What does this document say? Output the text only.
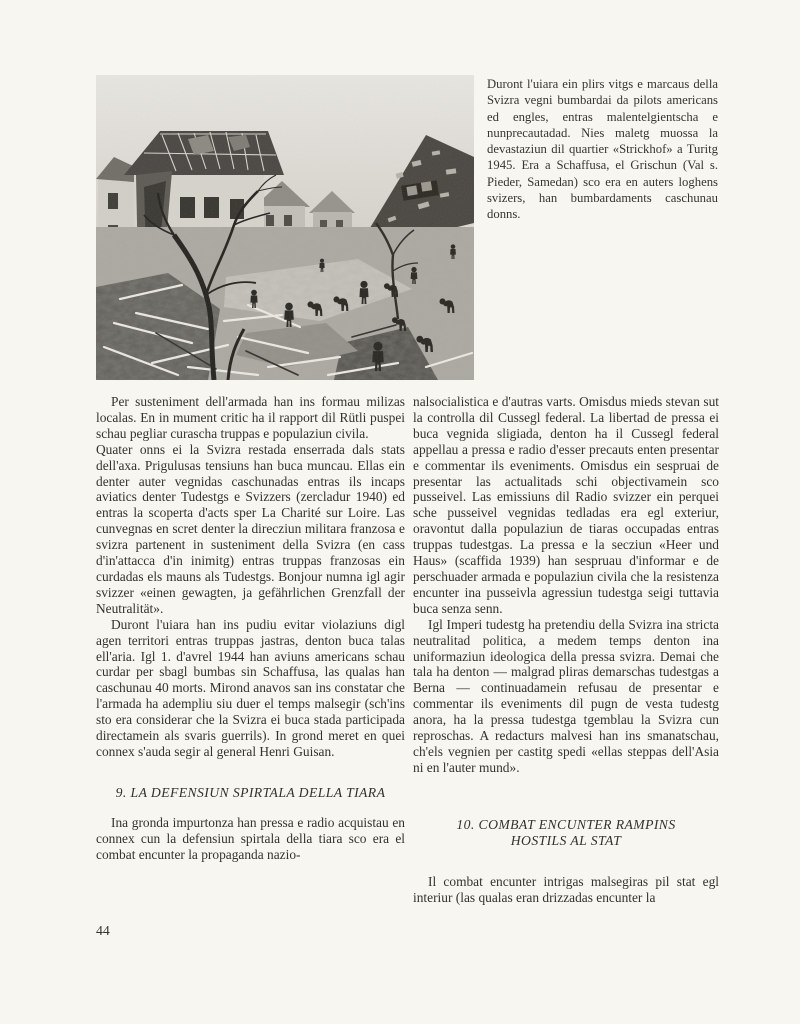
Duront l'uiara ein plirs vitgs e marcaus della Svizra vegni bumbardai da pilots americans ed engles, entras malentelgientscha e nunprecautadad. Nies maletg muossa la devastaziun dil quartier «Strickhof» a Turitg 1945. Era a Schaffusa, el Grischun (Val s. Pieder, Samedan) sco era en auters loghens svizers, han bumbardaments caschunau donns.

Per susteniment dell'armada han ins formau milizas localas. En in mument critic ha il rapport dil Rütli puspei schau pegliar curascha truppas e populaziun civila.

Quater onns ei la Svizra restada enserrada dals stats dell'axa. Prigulusas tensiuns han buca muncau. Ellas ein denter auter vegnidas caschunadas entras ils incaps aviatics denter Tudestgs e Svizzers (zercladur 1940) ed entras la scoperta d'acts sper La Charité sur Loire. Las cunvegnas en scret denter la direcziun militara franzosa e svizra partenent in susteniment della Svizra (en cass d'in'attacca d'in inimitg) entras truppas franzosas ein curdadas els mauns als Tudestgs. Bonjour numna igl agir svizzer «einen gewagten, ja gefährlichen Grenzfall der Neutralität».

Duront l'uiara han ins pudiu evitar violaziuns digl agen territori entras truppas jastras, denton buca talas ell'aria. Igl 1. d'avrel 1944 han aviuns americans schau curdar per sbagl bumbas sin Schaffusa, las qualas han caschunau 40 morts. Mirond anavos san ins constatar che l'armada ha adempliu siu duer el temps malsegir (sch'ins sto era considerar che la Svizra ei buca stada participada directamein als svaris guerrils). In grond meret en quei connex s'auda segir al general Henri Guisan.

9. LA DEFENSIUN SPIRTALA DELLA TIARA

Ina gronda impurtonza han pressa e radio acquistau en connex cun la defensiun spirtala della tiara sco era el combat encunter la propaganda nazio-

nalsocialistica e d'autras varts. Omisdus mieds stevan sut la controlla dil Cussegl federal. La libertad de pressa ei buca vegnida sligiada, denton ha il Cussegl federal appellau a pressa e radio d'esser precauts enten presentar e commentar ils eveniments. Omisdus ein sespruai de presentar las actualitads schi objectivamein sco pusseivel. Las emissiuns dil Radio svizzer ein perquei sche pusseivel vegnidas tedladas era egl exteriur, oravontut dalla populaziun de tiaras occupadas entras truppas tudestgas. La pressa e la secziun «Heer und Haus» (scaffida 1939) han sespruau d'informar e de perschuader armada e populaziun civila che la resistenza encunter ina pusseivla agressiun tudestga seigi tuttavia buca senza senn.

Igl Imperi tudestg ha pretendiu della Svizra ina stricta neutralitad politica, a medem temps denton ina uniformaziun ideologica della pressa svizra. Demai che tala ha denton — malgrad pliras demarschas tudestgas a Berna — continuadamein refusau de presentar e commentar ils eveniments dil pugn de vesta tudestg anora, ha la pressa tudestga tgemblau la Svizra cun reproschas. A redacturs malvesi han ins smanatschau, ch'els vegnien per castitg spedi «ellas steppas dell'Asia ni en l'auter mund».

10. COMBAT ENCUNTER RAMPINS
HOSTILS AL STAT

Il combat encunter intrigas malsegiras pil stat egl interiur (las qualas eran drizzadas encunter la

44
